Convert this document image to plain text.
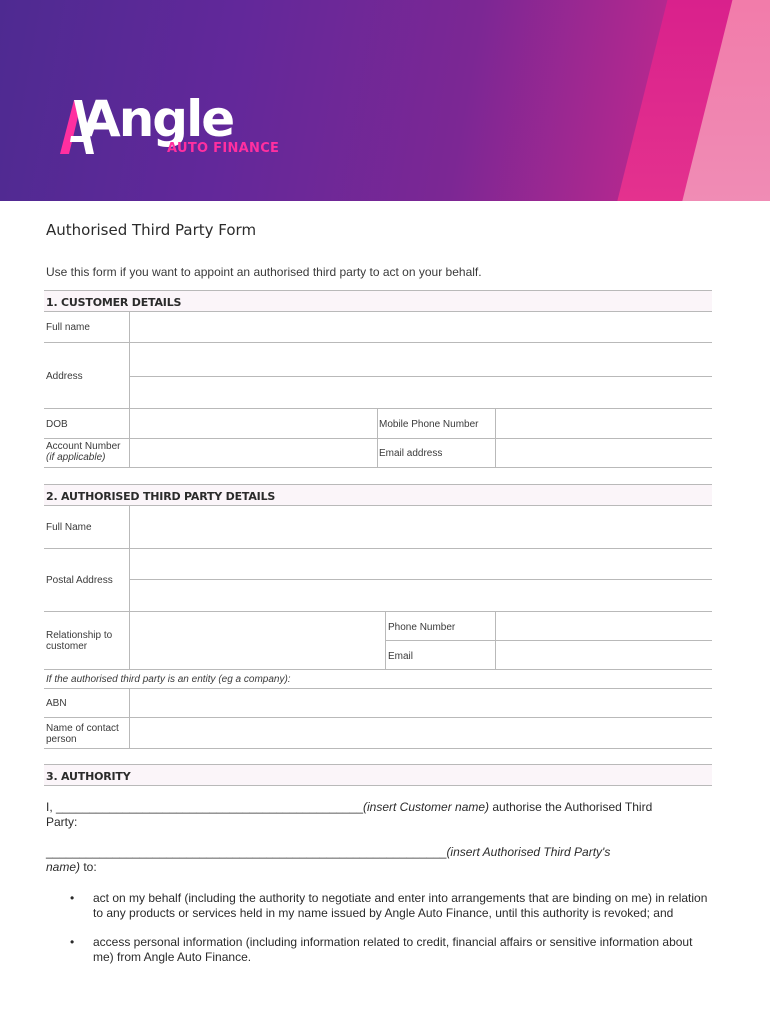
Angle
AUTO FINANCE
Authorised Third Party Form
Use this form if you want to appoint an authorised third party to act on your behalf.
1. CUSTOMER DETAILS
Full name
Address
DOB	Mobile Phone Number
Account Number
(if applicable)	Email address
2. AUTHORISED THIRD PARTY DETAILS
Full Name
Postal Address
Relationship to customer
Phone Number
Email
If the authorised third party is an entity (eg a company):
ABN
Name of contact person
3. AUTHORITY
I, ______________________________________________(insert Customer name) authorise the Authorised Third
Party:
____________________________________________________________(insert Authorised Third Party's
name) to:
• act on my behalf (including the authority to negotiate and enter into arrangements that are binding on me) in relation to any products or services held in my name issued by Angle Auto Finance, until this authority is revoked; and
• access personal information (including information related to credit, financial affairs or sensitive information about me) from Angle Auto Finance.
